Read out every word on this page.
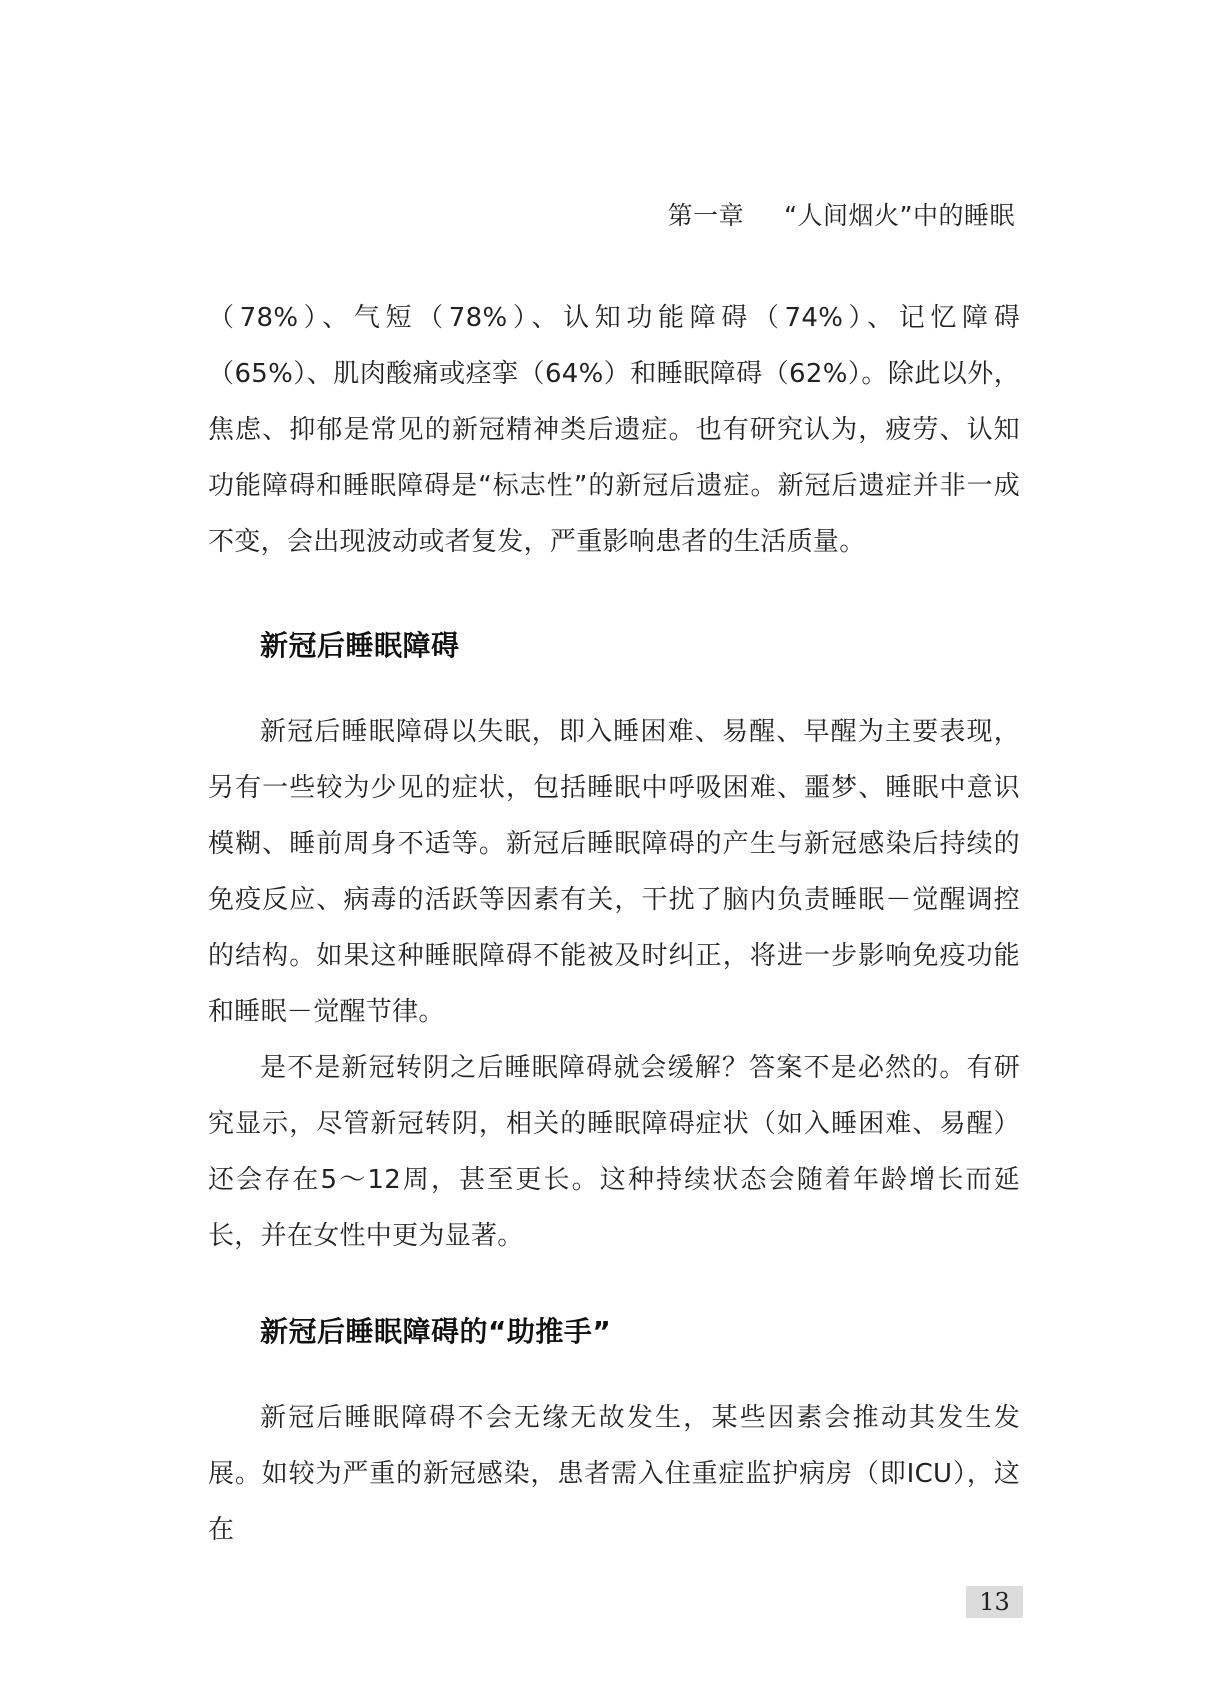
第一章 “人间烟火”中的睡眠

（78%）、气短（78%）、认知功能障碍（74%）、记忆障碍（65%）、肌肉酸痛或痉挛（64%）和睡眠障碍（62%）。除此以外，焦虑、抑郁是常见的新冠精神类后遗症。也有研究认为，疲劳、认知功能障碍和睡眠障碍是“标志性”的新冠后遗症。新冠后遗症并非一成不变，会出现波动或者复发，严重影响患者的生活质量。

新冠后睡眠障碍

新冠后睡眠障碍以失眠，即入睡困难、易醒、早醒为主要表现，另有一些较为少见的症状，包括睡眠中呼吸困难、噩梦、睡眠中意识模糊、睡前周身不适等。新冠后睡眠障碍的产生与新冠感染后持续的免疫反应、病毒的活跃等因素有关，干扰了脑内负责睡眠－觉醒调控的结构。如果这种睡眠障碍不能被及时纠正，将进一步影响免疫功能和睡眠－觉醒节律。

是不是新冠转阴之后睡眠障碍就会缓解？答案不是必然的。有研究显示，尽管新冠转阴，相关的睡眠障碍症状（如入睡困难、易醒）还会存在5～12周，甚至更长。这种持续状态会随着年龄增长而延长，并在女性中更为显著。

新冠后睡眠障碍的“助推手”

新冠后睡眠障碍不会无缘无故发生，某些因素会推动其发生发展。如较为严重的新冠感染，患者需入住重症监护病房（即ICU），这在

13
